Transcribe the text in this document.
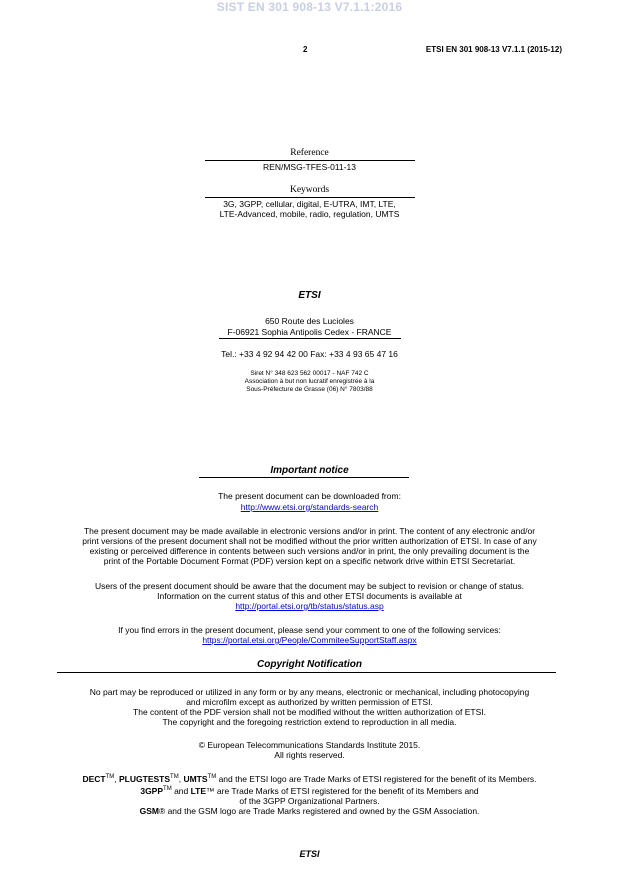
SIST EN 301 908-13 V7.1.1:2016
2	ETSI EN 301 908-13 V7.1.1 (2015-12)
Reference
REN/MSG-TFES-011-13
Keywords
3G, 3GPP, cellular, digital, E-UTRA, IMT, LTE,
LTE-Advanced, mobile, radio, regulation, UMTS
ETSI
650 Route des Lucioles
F-06921 Sophia Antipolis Cedex - FRANCE
Tel.: +33 4 92 94 42 00 Fax: +33 4 93 65 47 16
Siret N° 348 623 562 00017 - NAF 742 C
Association à but non lucratif enregistrée à la
Sous-Préfecture de Grasse (06) N° 7803/88
Important notice
The present document can be downloaded from:
http://www.etsi.org/standards-search
The present document may be made available in electronic versions and/or in print. The content of any electronic and/or
print versions of the present document shall not be modified without the prior written authorization of ETSI. In case of any
existing or perceived difference in contents between such versions and/or in print, the only prevailing document is the
print of the Portable Document Format (PDF) version kept on a specific network drive within ETSI Secretariat.
Users of the present document should be aware that the document may be subject to revision or change of status.
Information on the current status of this and other ETSI documents is available at
http://portal.etsi.org/tb/status/status.asp
If you find errors in the present document, please send your comment to one of the following services:
https://portal.etsi.org/People/CommiteeSupportStaff.aspx
Copyright Notification
No part may be reproduced or utilized in any form or by any means, electronic or mechanical, including photocopying
and microfilm except as authorized by written permission of ETSI.
The content of the PDF version shall not be modified without the written authorization of ETSI.
The copyright and the foregoing restriction extend to reproduction in all media.
© European Telecommunications Standards Institute 2015.
All rights reserved.
DECT™, PLUGTESTS™, UMTS™ and the ETSI logo are Trade Marks of ETSI registered for the benefit of its Members.
3GPP™ and LTE™ are Trade Marks of ETSI registered for the benefit of its Members and
of the 3GPP Organizational Partners.
GSM® and the GSM logo are Trade Marks registered and owned by the GSM Association.
ETSI
